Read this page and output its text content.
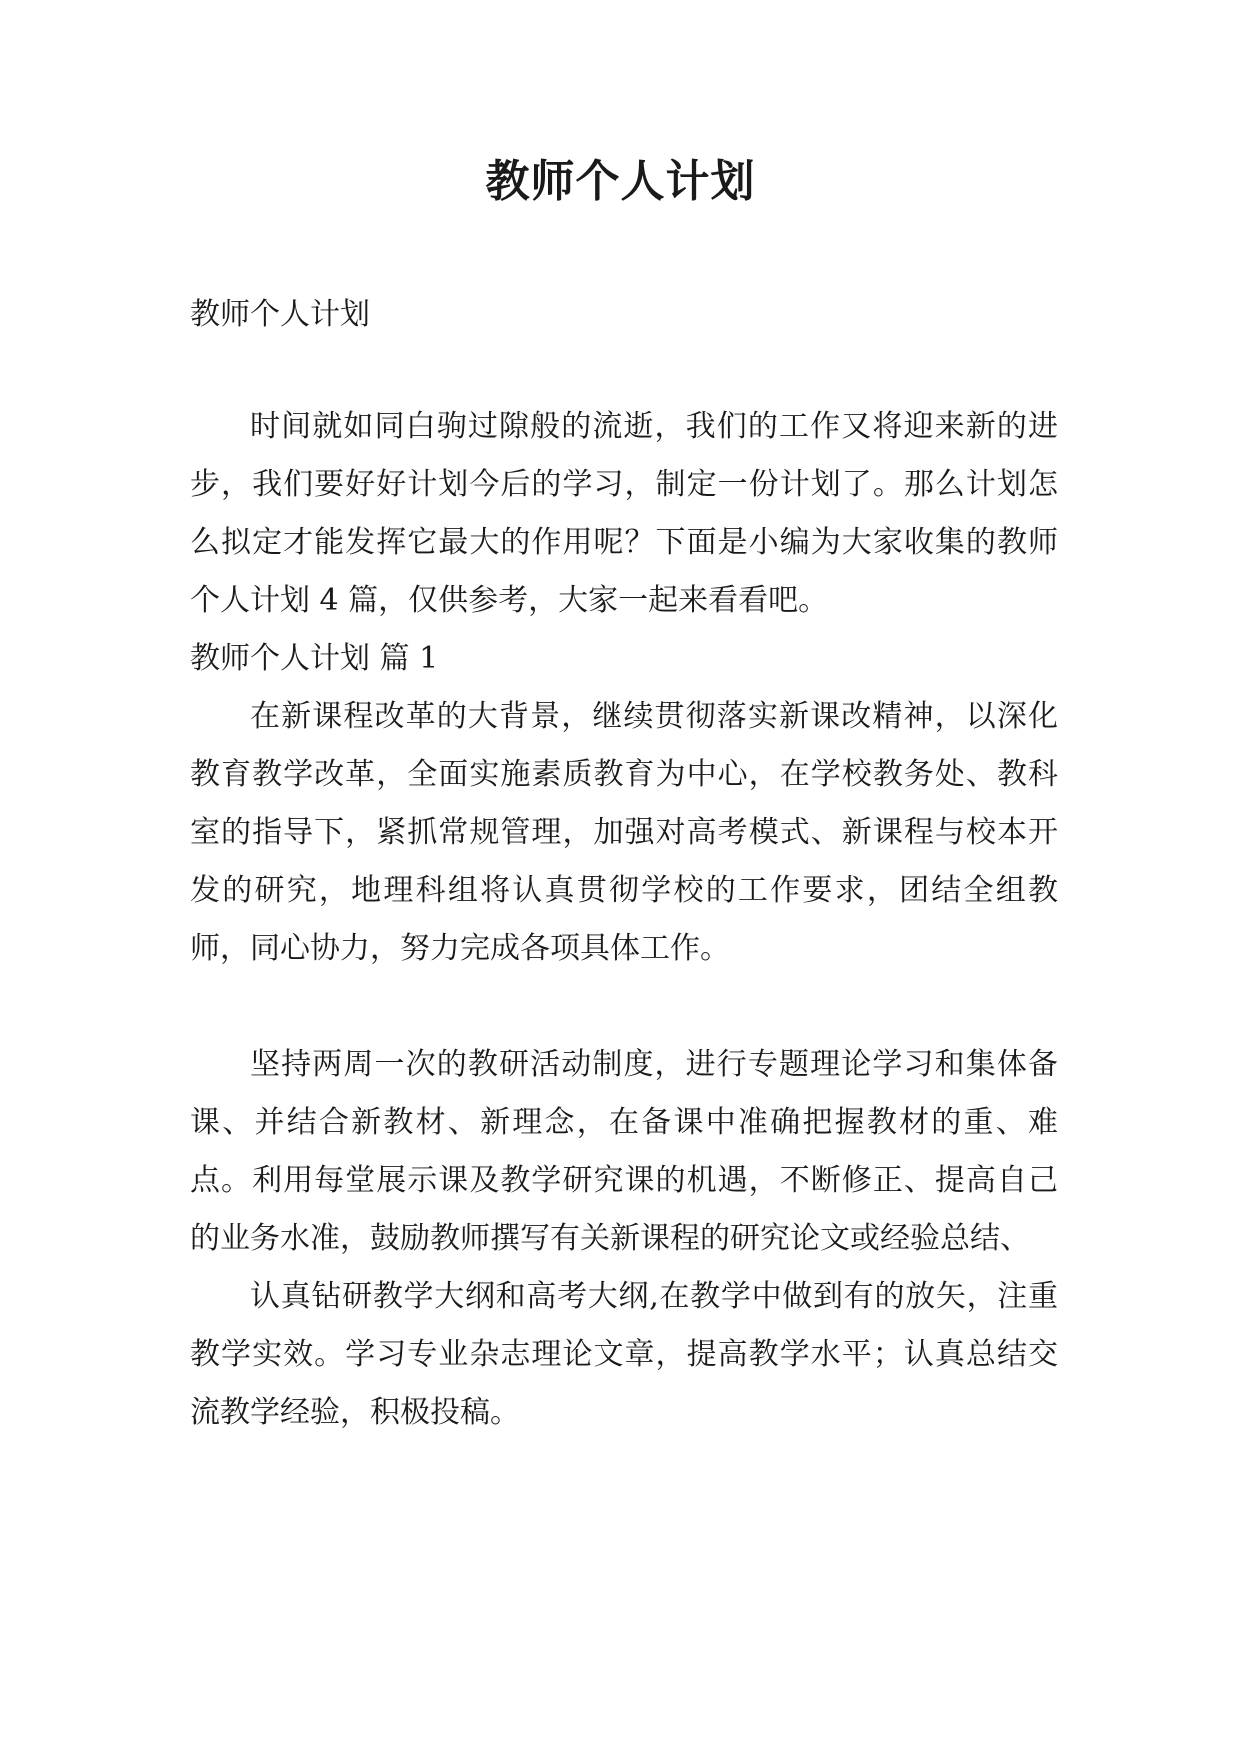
教师个人计划

教师个人计划

时间就如同白驹过隙般的流逝，我们的工作又将迎来新的进步，我们要好好计划今后的学习，制定一份计划了。那么计划怎么拟定才能发挥它最大的作用呢？下面是小编为大家收集的教师个人计划 4 篇，仅供参考，大家一起来看看吧。

教师个人计划 篇 1

在新课程改革的大背景，继续贯彻落实新课改精神，以深化教育教学改革，全面实施素质教育为中心，在学校教务处、教科室的指导下，紧抓常规管理，加强对高考模式、新课程与校本开发的研究，地理科组将认真贯彻学校的工作要求，团结全组教师，同心协力，努力完成各项具体工作。

坚持两周一次的教研活动制度，进行专题理论学习和集体备课、并结合新教材、新理念，在备课中准确把握教材的重、难点。利用每堂展示课及教学研究课的机遇，不断修正、提高自己的业务水准，鼓励教师撰写有关新课程的研究论文或经验总结、

认真钻研教学大纲和高考大纲,在教学中做到有的放矢，注重教学实效。学习专业杂志理论文章，提高教学水平；认真总结交流教学经验，积极投稿。
